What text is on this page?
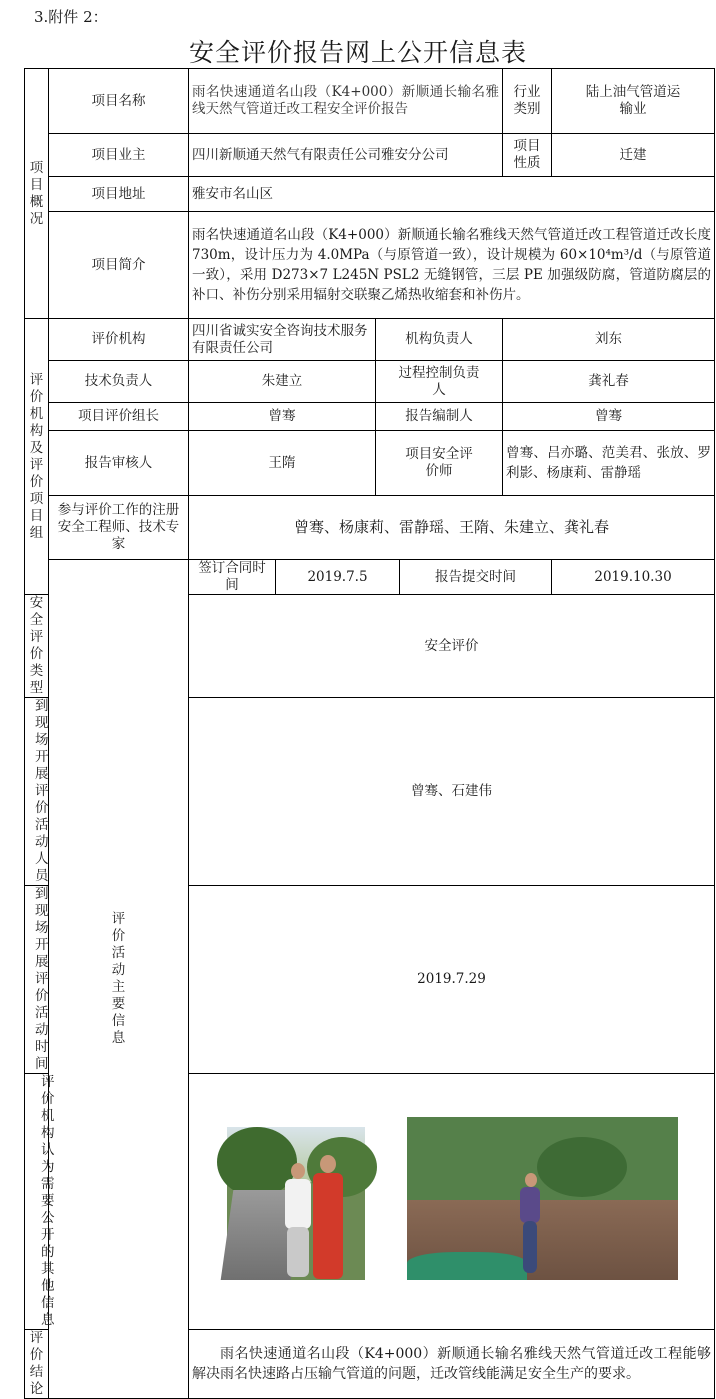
3.附件 2：
安全评价报告网上公开信息表
项目概况	项目名称	雨名快速通道名山段（K4+000）新顺通长输名雅线天然气管道迁改工程安全评价报告				行业类别	陆上油气管道运输业
	项目业主	四川新顺通天然气有限责任公司雅安分公司				项目性质	迁建
	项目地址	雅安市名山区					
	项目简介	雨名快速通道名山段（K4+000）新顺通长输名雅线天然气管道迁改工程管道迁改长度730m，设计压力为 4.0MPa（与原管道一致），设计规模为 60×10⁴m³/d（与原管道一致），采用 D273×7 L245N PSL2 无缝钢管，三层 PE 加强级防腐，管道防腐层的补口、补伤分别采用辐射交联聚乙烯热收缩套和补伤片。					
评价机构及评价项目组	评价机构	四川省诚实安全咨询技术服务有限责任公司		机构负责人		刘东	
	技术负责人	朱建立		过程控制负责人		龚礼春	
	项目评价组长	曾骞		报告编制人		曾骞	
	报告审核人	王隋		项目安全评价师		曾骞、吕亦璐、范美君、张放、罗利影、杨康莉、雷静瑶	
	参与评价工作的注册安全工程师、技术专家	曾骞、杨康莉、雷静瑶、王隋、朱建立、龚礼春					
	评价活动主要信息	签订合同时间	2019.7.5		报告提交时间		2019.10.30
安全评价类型		安全评价					
到现场开展评价活动人员		曾骞、石建伟					
到现场开展评价活动时间		2019.7.29					
评价机构认为需要公开的其他信息							

评价结论		雨名快速通道名山段（K4+000）新顺通长输名雅线天然气管道迁改工程能够解决雨名快速路占压输气管道的问题，迁改管线能满足安全生产的要求。					
